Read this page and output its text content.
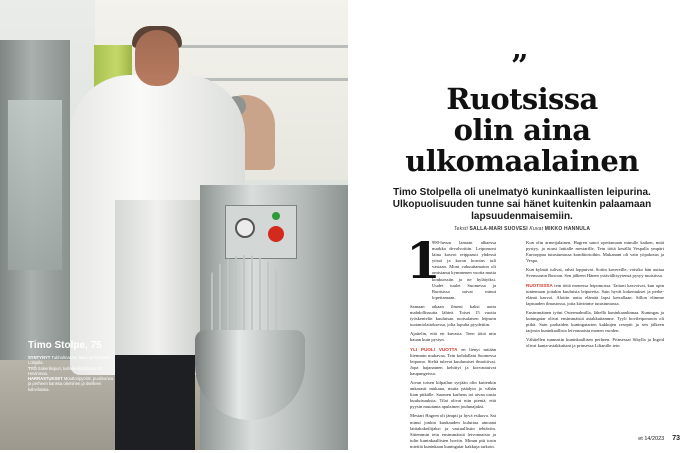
Timo Stolpe, 75

SYNTYNYT Tukholmassa, asuu perheineen Lohjalla.

TYÖ Sokerileipuri, kahvila-konditoria St. Hovinmaa.

HARRASTUKSET Moottoripyörät, puolisonsa ja perheen kanssa oleminen ja itselleen kahviloissa.

”
Ruotsissa
olin aina
ulkomaalainen

Timo Stolpella oli unelmatyö kuninkaallisten leipurina. Ulkopuolisuuden tunne sai hänet kuitenkin palaamaan lapsuudenmaisemiin.

Teksti SALLA-MARI SUOVESI Kuvat MIKKO HANNULA

1

990-luvun lamaan alkaessa markka devalvoitiin. Leipomoni laina kasvoi reippaasti yhdessä yössä ja koron korotus tuli vastaan. Moni vakuuttamaton oli omistanut kymmenen vuotta mutta konkurssiin ja ne hylätyiksi. Uudet tuulet Suomessa ja Ruotsissa saivat minut lopettamaan.

Samaan aikaan ilmeni kaksi uutta mahdollisuutta lähteä. Toiset 15 vuotta työskentelin kuuluisan ruotsalaisen leipurin tuotantolaitoksessa, jolta lopulta pyydettiin.

Ajattelin, että en kuvasta. Teen töitä niin kauan kuin pystyn.

YLI PUOLI VUOTTA en lienyt mitään liiemmin mukavaa. Tein kohdallani Suomessa leipomo. Sieltä tulevat kuulumiset ilmoittivat. Jopa hajanainen kehittyi ja korvautuivat kaupungeissa.

Aivan toisen kilpailun syrjään olin kuitenkin ankarasti mukana, mutta päädyin jo vähän liian pitkälle. Suomen karheus toi aivan uusia kuuluisuuksia. Tilat olivat niin pieniä, että pyysin muutama apulainen joulunajaksi.

Mestari Hagren oli jämpti ja hyvä esikuva. Sai minut jonkin kuukauden kuluttua ainoana lattiakokeilijaksi ja vastuullisiin tehtäviin. Sittemmin tein ensimmäisiä leivonnaisia ja tulin kuninkaallisten hoviin. Minun piti tosin miettiä kuninkaan kuningatar kakkuja tarkoin.

Kun olin armeijalainen, Hagren sanoi opettamaan minulle kaiken, mitä pystyy, ja nousi lattialle mestarille. Tein töitä kesällä Vespalla ympäri Eurooppaa tutustumassa konditorioihin. Mukanani oli vain yöpakotus ja Vespa.

Kun kylmät tulivat, rahat loppuivat. Soitin kavereille, voisiko hän auttaa Svenssonin Rusoun. Sen jälkeen Hänen ystävällisyytensä pysyy muistissa.

RUOTSISSA tein töitä monessa leipomossa. Taitoni kasvoivat, kun opin tuntemaan joitakin kuuluisia leipureita. Sain hyvät kokemukset ja perhe-elämä kasvoi. Aloitin uutta elämää lapsi kerrallaan. Sillon elimme lapsuuden ilmastossa, joita kävimme tutustumassa.

Ensimmäinen työni Ostermalmilla, lähellä kuninkaanlinnaa. Kuningas ja kuningatar olivat ensimmäisiä asiakkaitamme. Tyyli hovileipomoon oli pitkä. Sain parhaiden kuningatarten kakkujen reseptit ja sen jälkeen tarjosin kuninkaallisia leivonnaisia monen vuoden.

Vähitellen tunnustin kuninkaallisen perheen. Prinsessat Sibylla ja Ingrid olivat kanta-asiakkaitani ja prinsessa Lilianille tein

et 14/2023 73
